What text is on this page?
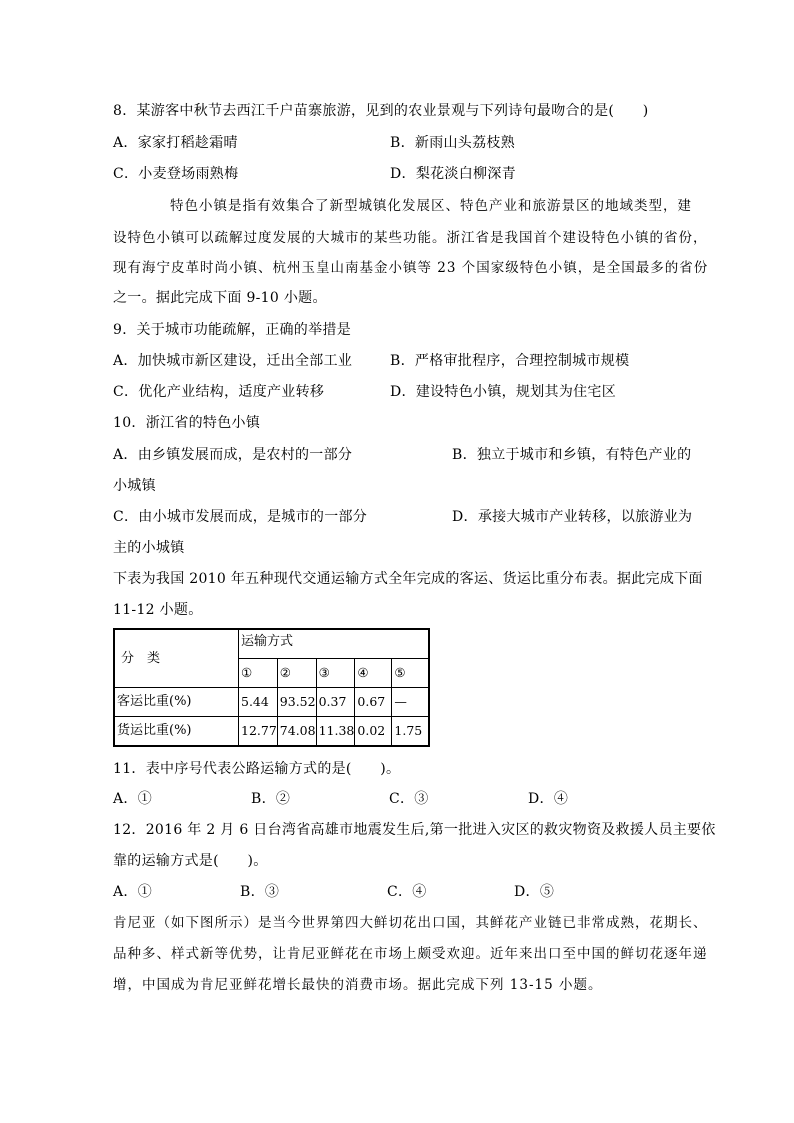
8．某游客中秋节去西江千户苗寨旅游，见到的农业景观与下列诗句最吻合的是(　　)
A．家家打稻趁霜晴	B．新雨山头荔枝熟
C．小麦登场雨熟梅	D．梨花淡白柳深青
特色小镇是指有效集合了新型城镇化发展区、特色产业和旅游景区的地域类型，建
设特色小镇可以疏解过度发展的大城市的某些功能。浙江省是我国首个建设特色小镇的省份，
现有海宁皮革时尚小镇、杭州玉皇山南基金小镇等 23 个国家级特色小镇，是全国最多的省份
之一。据此完成下面 9-10 小题。
9．关于城市功能疏解，正确的举措是
A．加快城市新区建设，迁出全部工业	B．严格审批程序，合理控制城市规模
C．优化产业结构，适度产业转移	D．建设特色小镇，规划其为住宅区
10．浙江省的特色小镇
A．由乡镇发展而成，是农村的一部分	B．独立于城市和乡镇，有特色产业的
小城镇
C．由小城市发展而成，是城市的一部分	D．承接大城市产业转移，以旅游业为
主的小城镇
下表为我国 2010 年五种现代交通运输方式全年完成的客运、货运比重分布表。据此完成下面
11-12 小题。
分　类	运输方式				
	①	②	③	④	⑤
客运比重(%)	5.44	93.52	0.37	0.67	—
货运比重(%)	12.77	74.08	11.38	0.02	1.75
11．表中序号代表公路运输方式的是(　　)。
A．①	B．②	C．③	D．④
12．2016 年 2 月 6 日台湾省高雄市地震发生后,第一批进入灾区的救灾物资及救援人员主要依
靠的运输方式是(　　)。
A．①	B．③	C．④	D．⑤
肯尼亚（如下图所示）是当今世界第四大鲜切花出口国，其鲜花产业链已非常成熟，花期长、
品种多、样式新等优势，让肯尼亚鲜花在市场上颇受欢迎。近年来出口至中国的鲜切花逐年递
增，中国成为肯尼亚鲜花增长最快的消费市场。据此完成下列 13-15 小题。
